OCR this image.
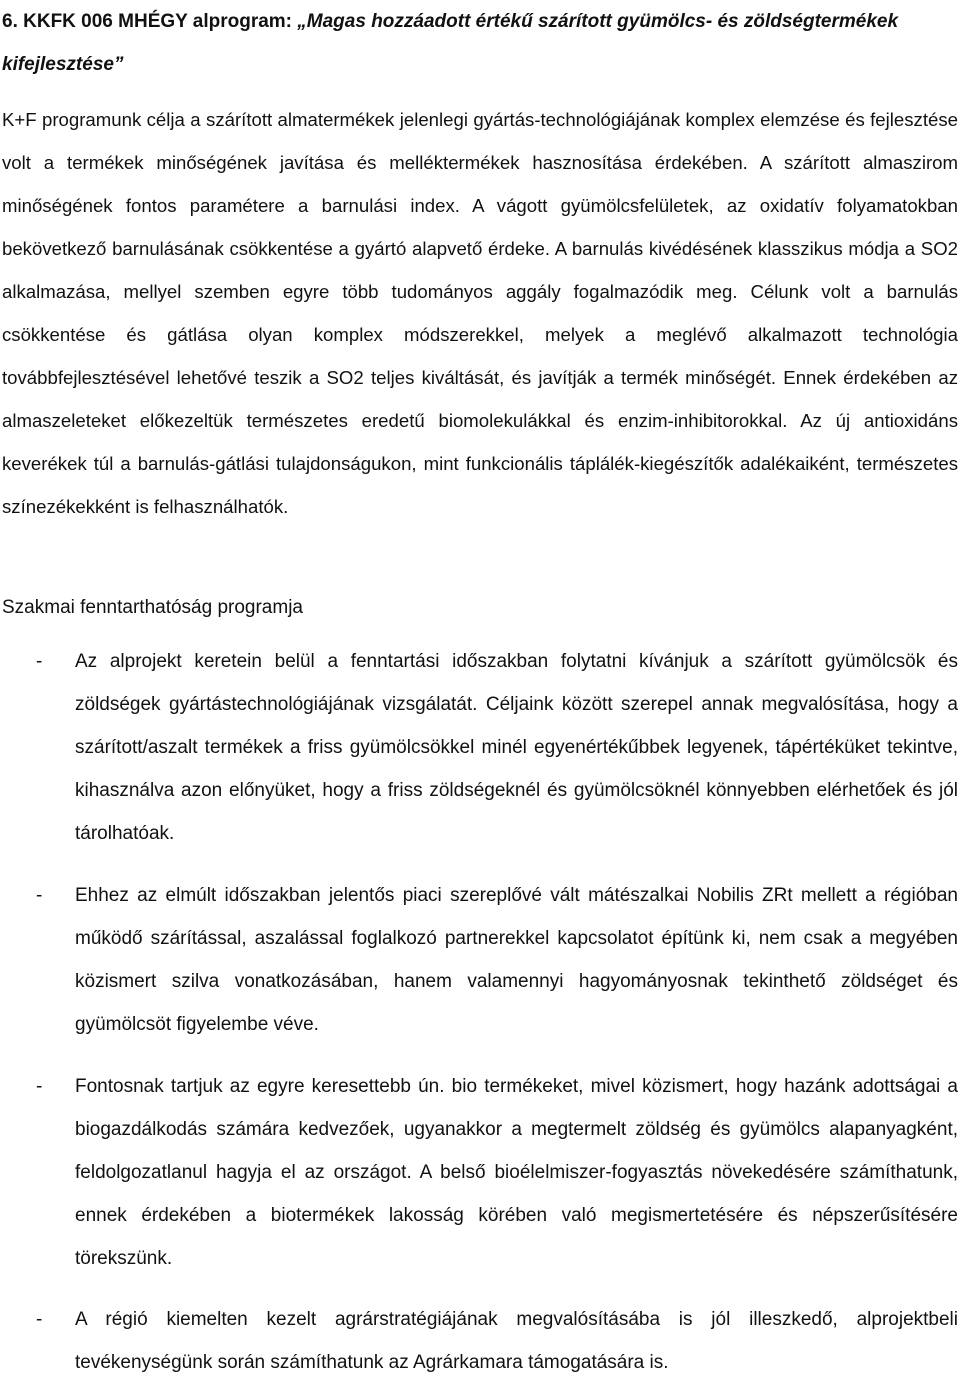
6. KKFK 006 MHÉGY alprogram: „Magas hozzáadott értékű szárított gyümölcs- és zöldségtermékek kifejlesztése”

K+F programunk célja a szárított almatermékek jelenlegi gyártás-technológiájának komplex elemzése és fejlesztése volt a termékek minőségének javítása és melléktermékek hasznosítása érdekében. A szárított almaszirom minőségének fontos paramétere a barnulási index. A vágott gyümölcsfelületek, az oxidatív folyamatokban bekövetkező barnulásának csökkentése a gyártó alapvető érdeke. A barnulás kivédésének klasszikus módja a SO2 alkalmazása, mellyel szemben egyre több tudományos aggály fogalmazódik meg. Célunk volt a barnulás csökkentése és gátlása olyan komplex módszerekkel, melyek a meglévő alkalmazott technológia továbbfejlesztésével lehetővé teszik a SO2 teljes kiváltását, és javítják a termék minőségét. Ennek érdekében az almaszeleteket előkezeltük természetes eredetű biomolekulákkal és enzim-inhibitorokkal. Az új antioxidáns keverékek túl a barnulás-gátlási tulajdonságukon, mint funkcionális táplálék-kiegészítők adalékaiként, természetes színezékekként is felhasználhatók.

Szakmai fenntarthatóság programja
- Az alprojekt keretein belül a fenntartási időszakban folytatni kívánjuk a szárított gyümölcsök és zöldségek gyártástechnológiájának vizsgálatát. Céljaink között szerepel annak megvalósítása, hogy a szárított/aszalt termékek a friss gyümölcsökkel minél egyenértékűbbek legyenek, tápértéküket tekintve, kihasználva azon előnyüket, hogy a friss zöldségeknél és gyümölcsöknél könnyebben elérhetőek és jól tárolhatóak.
- Ehhez az elmúlt időszakban jelentős piaci szereplővé vált mátészalkai Nobilis ZRt mellett a régióban működő szárítással, aszalással foglalkozó partnerekkel kapcsolatot építünk ki, nem csak a megyében közismert szilva vonatkozásában, hanem valamennyi hagyományosnak tekinthető zöldséget és gyümölcsöt figyelembe véve.
- Fontosnak tartjuk az egyre keresettebb ún. bio termékeket, mivel közismert, hogy hazánk adottságai a biogazdálkodás számára kedvezőek, ugyanakkor a megtermelt zöldség és gyümölcs alapanyagként, feldolgozatlanul hagyja el az országot. A belső bioélelmiszer-fogyasztás növekedésére számíthatunk, ennek érdekében a biotermékek lakosság körében való megismertetésére és népszerűsítésére törekszünk.
- A régió kiemelten kezelt agrárstratégiájának megvalósításába is jól illeszkedő, alprojektbeli tevékenységünk során számíthatunk az Agrárkamara támogatására is.
